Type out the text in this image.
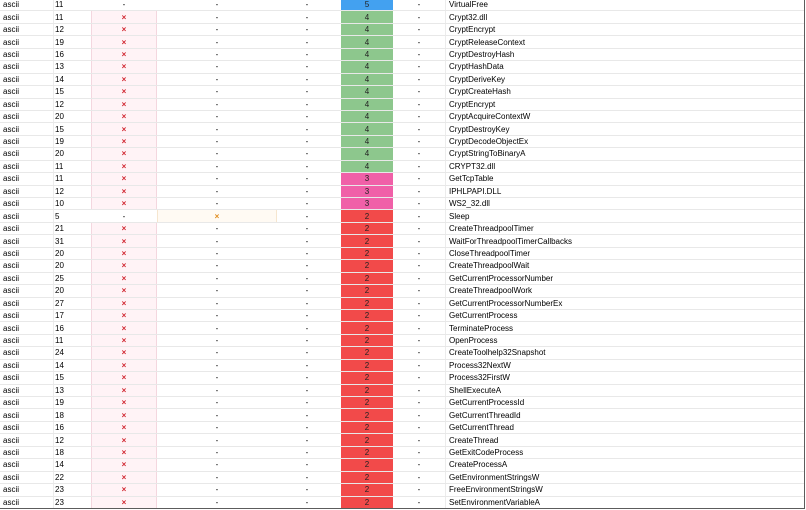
ascii	11	-	-	-	5	-	VirtualFree
ascii	11	×	-	-	4	-	Crypt32.dll
ascii	12	×	-	-	4	-	CryptEncrypt
ascii	19	×	-	-	4	-	CryptReleaseContext
ascii	16	×	-	-	4	-	CryptDestroyHash
ascii	13	×	-	-	4	-	CryptHashData
ascii	14	×	-	-	4	-	CryptDeriveKey
ascii	15	×	-	-	4	-	CryptCreateHash
ascii	12	×	-	-	4	-	CryptEncrypt
ascii	20	×	-	-	4	-	CryptAcquireContextW
ascii	15	×	-	-	4	-	CryptDestroyKey
ascii	19	×	-	-	4	-	CryptDecodeObjectEx
ascii	20	×	-	-	4	-	CryptStringToBinaryA
ascii	11	×	-	-	4	-	CRYPT32.dll
ascii	11	×	-	-	3	-	GetTcpTable
ascii	12	×	-	-	3	-	IPHLPAPI.DLL
ascii	10	×	-	-	3	-	WS2_32.dll
ascii	5	-	×	-	2	-	Sleep
ascii	21	×	-	-	2	-	CreateThreadpoolTimer
ascii	31	×	-	-	2	-	WaitForThreadpoolTimerCallbacks
ascii	20	×	-	-	2	-	CloseThreadpoolTimer
ascii	20	×	-	-	2	-	CreateThreadpoolWait
ascii	25	×	-	-	2	-	GetCurrentProcessorNumber
ascii	20	×	-	-	2	-	CreateThreadpoolWork
ascii	27	×	-	-	2	-	GetCurrentProcessorNumberEx
ascii	17	×	-	-	2	-	GetCurrentProcess
ascii	16	×	-	-	2	-	TerminateProcess
ascii	11	×	-	-	2	-	OpenProcess
ascii	24	×	-	-	2	-	CreateToolhelp32Snapshot
ascii	14	×	-	-	2	-	Process32NextW
ascii	15	×	-	-	2	-	Process32FirstW
ascii	13	×	-	-	2	-	ShellExecuteA
ascii	19	×	-	-	2	-	GetCurrentProcessId
ascii	18	×	-	-	2	-	GetCurrentThreadId
ascii	16	×	-	-	2	-	GetCurrentThread
ascii	12	×	-	-	2	-	CreateThread
ascii	18	×	-	-	2	-	GetExitCodeProcess
ascii	14	×	-	-	2	-	CreateProcessA
ascii	22	×	-	-	2	-	GetEnvironmentStringsW
ascii	23	×	-	-	2	-	FreeEnvironmentStringsW
ascii	23	×	-	-	2	-	SetEnvironmentVariableA
